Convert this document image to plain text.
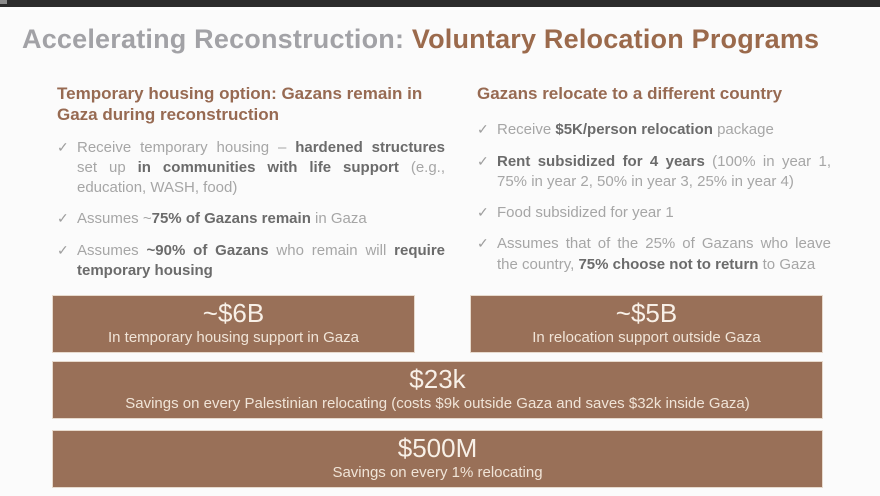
Accelerating Reconstruction: Voluntary Relocation Programs
Temporary housing option: Gazans remain in Gaza during reconstruction
✓ Receive temporary housing – hardened structures set up in communities with life support (e.g., education, WASH, food)

✓ Assumes ~75% of Gazans remain in Gaza

✓ Assumes ~90% of Gazans who remain will require temporary housing

Gazans relocate to a different country
✓ Receive $5K/person relocation package

✓ Rent subsidized for 4 years (100% in year 1, 75% in year 2, 50% in year 3, 25% in year 4)

✓ Food subsidized for year 1

✓ Assumes that of the 25% of Gazans who leave the country, 75% choose not to return to Gaza

~$6B
In temporary housing support in Gaza
~$5B
In relocation support outside Gaza
$23k
Savings on every Palestinian relocating (costs $9k outside Gaza and saves $32k inside Gaza)
$500M
Savings on every 1% relocating
